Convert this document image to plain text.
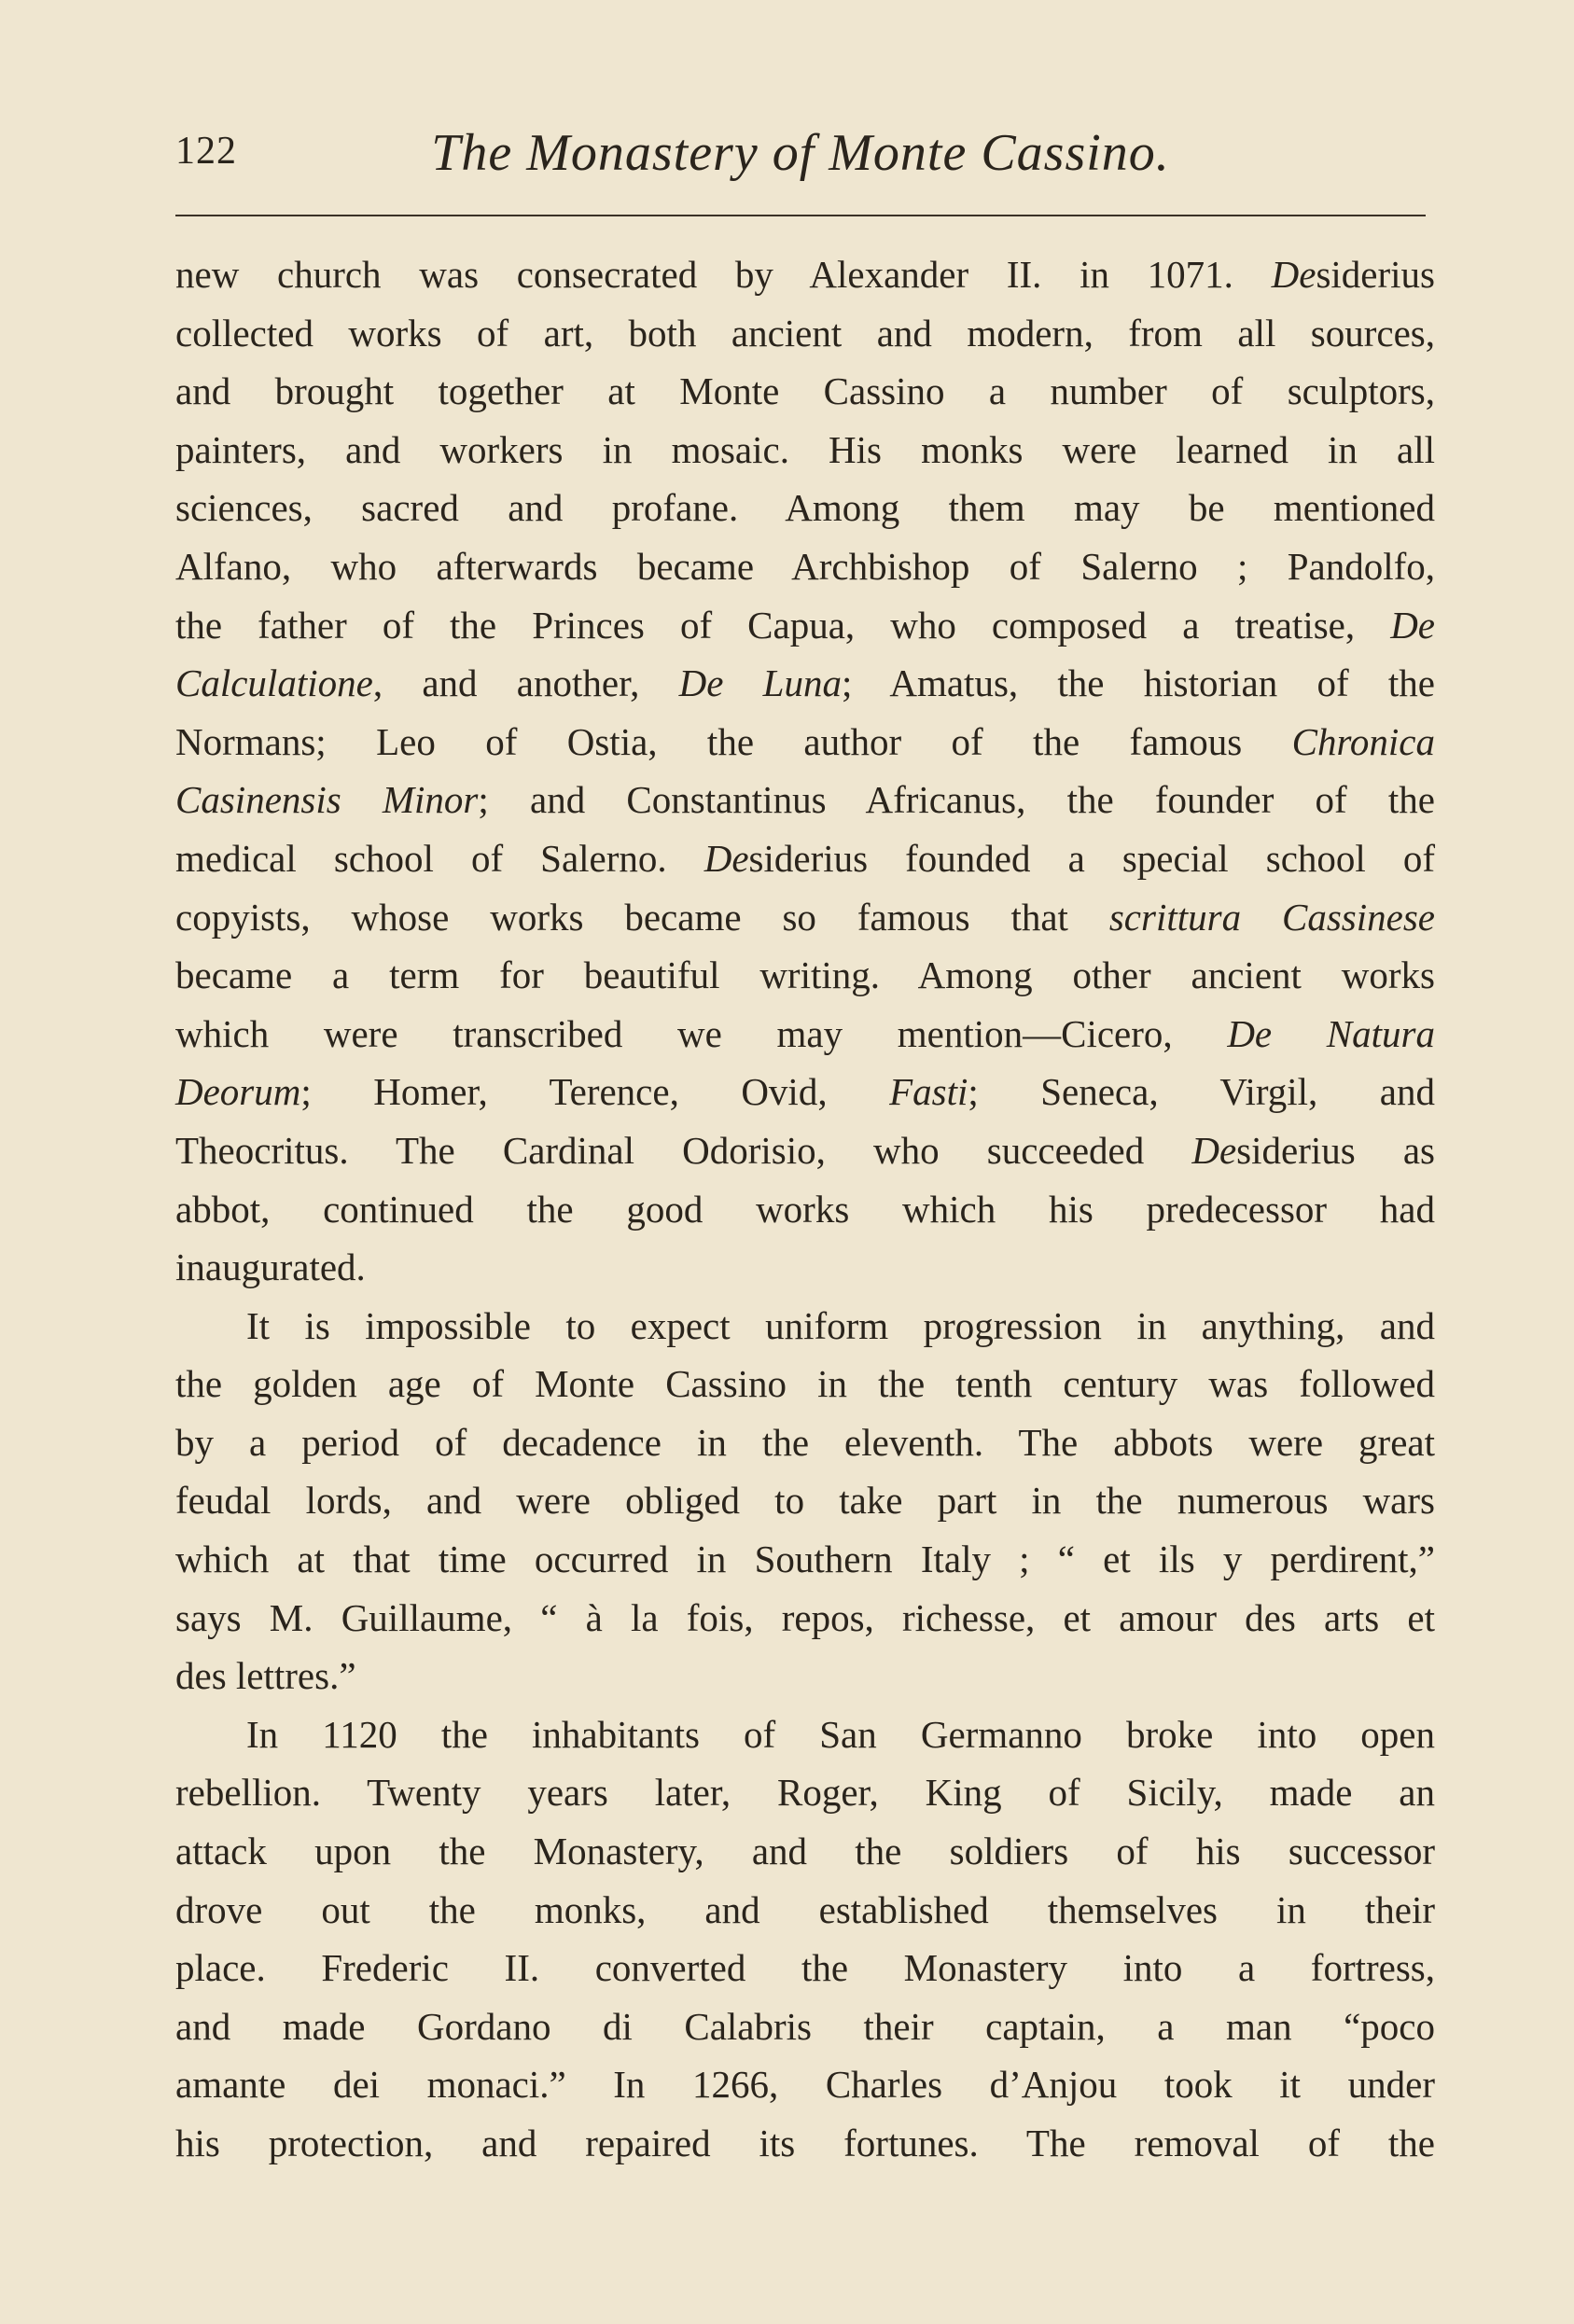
122	The Monastery of Monte Cassino.
new church was consecrated by Alexander II. in 1071. Desiderius
collected works of art, both ancient and modern, from all sources,
and brought together at Monte Cassino a number of sculptors,
painters, and workers in mosaic. His monks were learned in all
sciences, sacred and profane. Among them may be mentioned
Alfano, who afterwards became Archbishop of Salerno ; Pandolfo,
the father of the Princes of Capua, who composed a treatise, De
Calculatione, and another, De Luna; Amatus, the historian of the
Normans; Leo of Ostia, the author of the famous Chronica
Casinensis Minor; and Constantinus Africanus, the founder of the
medical school of Salerno. Desiderius founded a special school of
copyists, whose works became so famous that scrittura Cassinese
became a term for beautiful writing. Among other ancient works
which were transcribed we may mention—Cicero, De Natura
Deorum; Homer, Terence, Ovid, Fasti; Seneca, Virgil, and
Theocritus. The Cardinal Odorisio, who succeeded Desiderius as
abbot, continued the good works which his predecessor had
inaugurated.
It is impossible to expect uniform progression in anything, and
the golden age of Monte Cassino in the tenth century was followed
by a period of decadence in the eleventh. The abbots were great
feudal lords, and were obliged to take part in the numerous wars
which at that time occurred in Southern Italy ; “ et ils y perdirent,”
says M. Guillaume, “ à la fois, repos, richesse, et amour des arts et
des lettres.”
In 1120 the inhabitants of San Germanno broke into open
rebellion. Twenty years later, Roger, King of Sicily, made an
attack upon the Monastery, and the soldiers of his successor
drove out the monks, and established themselves in their
place. Frederic II. converted the Monastery into a fortress,
and made Gordano di Calabris their captain, a man “poco
amante dei monaci.” In 1266, Charles d’Anjou took it under
his protection, and repaired its fortunes. The removal of the
